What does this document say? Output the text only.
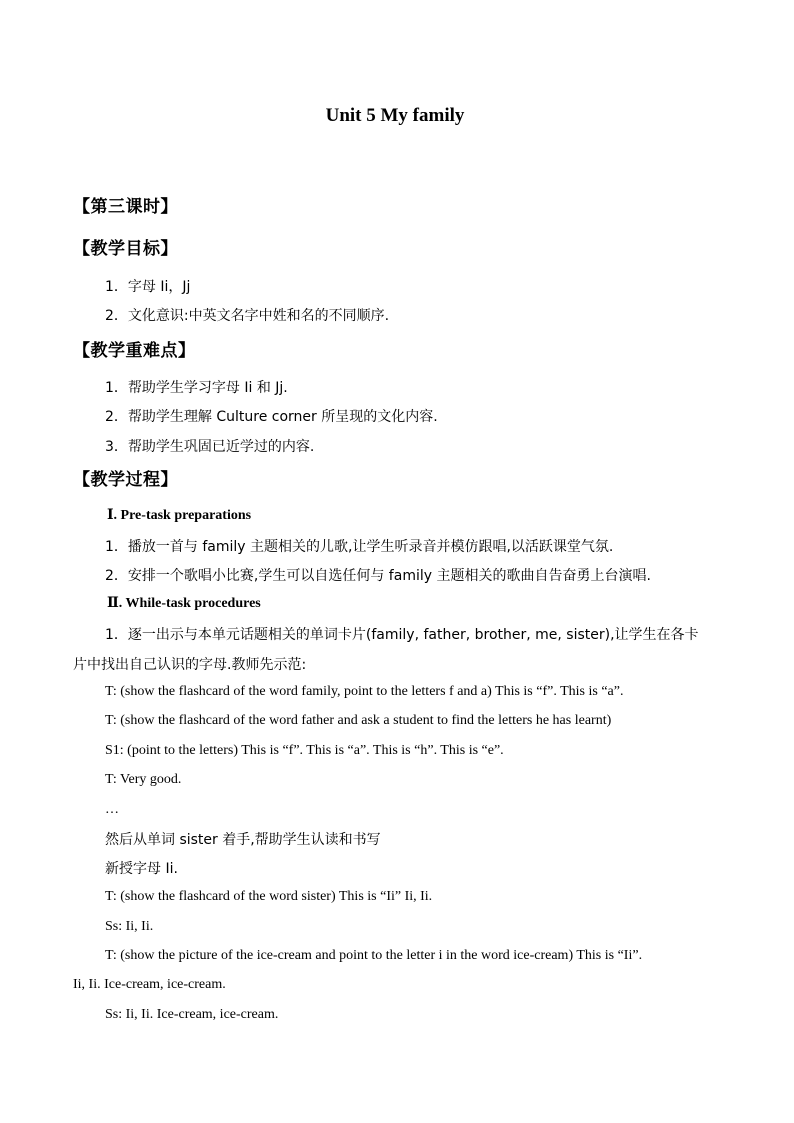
Unit 5 My family
【第三课时】
【教学目标】
1．字母 Ii，Jj
2．文化意识:中英文名字中姓和名的不同顺序.
【教学重难点】
1．帮助学生学习字母 Ii 和 Jj.
2．帮助学生理解 Culture corner 所呈现的文化内容.
3．帮助学生巩固已近学过的内容.
【教学过程】
Ⅰ. Pre-task preparations
1．播放一首与 family 主题相关的儿歌,让学生听录音并模仿跟唱,以活跃课堂气氛.
2．安排一个歌唱小比赛,学生可以自选任何与 family 主题相关的歌曲自告奋勇上台演唱.
Ⅱ. While-task procedures
1．逐一出示与本单元话题相关的单词卡片(family, father, brother, me, sister),让学生在各卡
片中找出自己认识的字母.教师先示范:
T: (show the flashcard of the word family, point to the letters f and a) This is “f”. This is “a”.
T: (show the flashcard of the word father and ask a student to find the letters he has learnt)
S1: (point to the letters) This is “f”. This is “a”. This is “h”. This is “e”.
T: Very good.
…
然后从单词 sister 着手,帮助学生认读和书写
新授字母 Ii.
T: (show the flashcard of the word sister) This is “Ii” Ii, Ii.
Ss: Ii, Ii.
T: (show the picture of the ice-cream and point to the letter i in the word ice-cream) This is “Ii”.
Ii, Ii. Ice-cream, ice-cream.
Ss: Ii, Ii. Ice-cream, ice-cream.
